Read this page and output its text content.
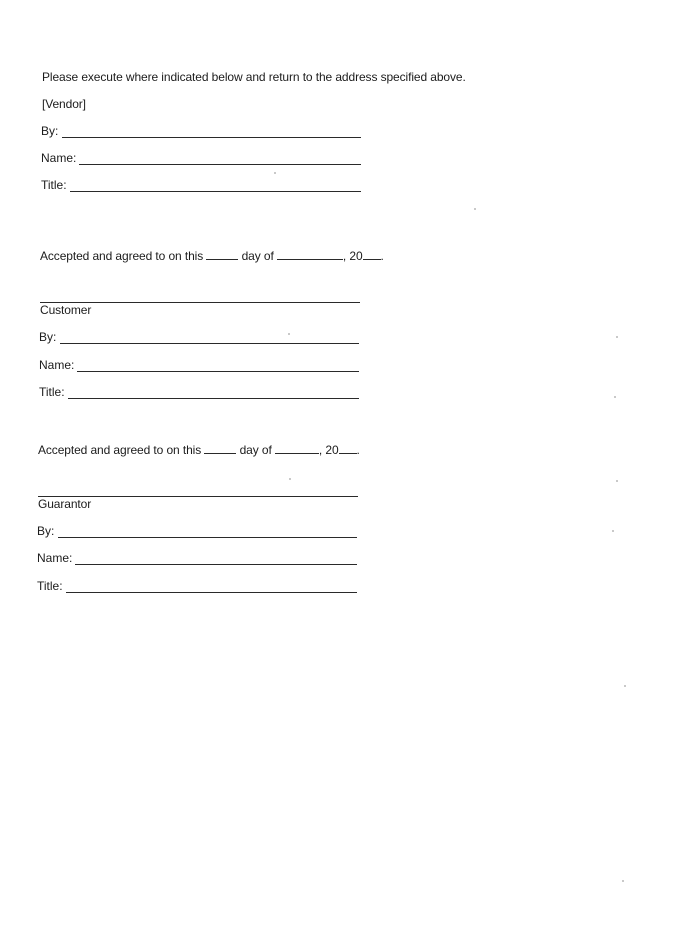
Please execute where indicated below and return to the address specified above.
[Vendor]
By:
Name:
Title:
Accepted and agreed to on this	day of	, 20 .
Customer
By:
Name:
Title:
Accepted and agreed to on this	day of	, 20 .
Guarantor
By:
Name:
Title:
